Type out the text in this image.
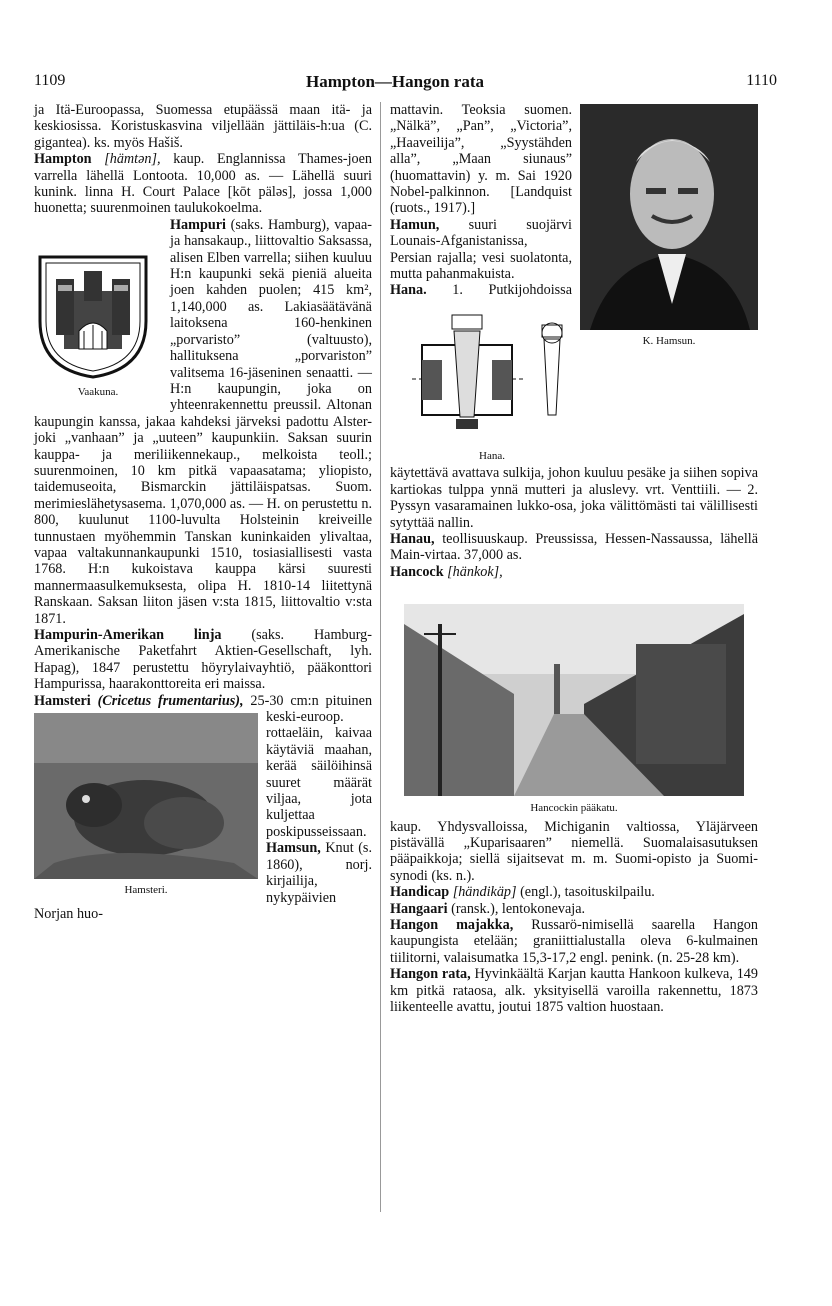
1109	Hampton—Hangon rata	1110

ja Itä-Euroopassa, Suomessa etupäässä maan itä- ja keskiosissa. Koristuskasvina viljellään jättiläis-h:ua (C. gigantea). ks. myös Hašiš.

Hampton [hämtən], kaup. Englannissa Thames-joen varrella lähellä Lontoota. 10,000 as. — Lähellä suuri kunink. linna H. Court Palace [kōt päləs], jossa 1,000 huonetta; suurenmoinen taulukokoelma.

Vaakuna.
Hampuri (saks. Hamburg), vapaa- ja hansakaup., liittovaltio Saksassa, alisen Elben varrella; siihen kuuluu H:n kaupunki sekä pieniä alueita joen kahden puolen; 415 km², 1,140,000 as. Lakiasäätävänä laitoksena 160-henkinen „porvaristo” (valtuusto), hallituksena „porvariston” valitsema 16-jäseninen senaatti. — H:n kaupungin, joka on yhteenrakennettu preussil. Altonan kaupungin kanssa, jakaa kahdeksi järveksi padottu Alster-joki „vanhaan” ja „uuteen” kaupunkiin. Saksan suurin kauppa- ja meriliikennekaup., melkoista teoll.; suurenmoinen, 10 km pitkä vapaasatama; yliopisto, taidemuseoita, Bismarckin jättiläispatsas. Suom. merimieslähetysasema. 1,070,000 as. — H. on perustettu n. 800, kuulunut 1100-luvulta Holsteinin kreiveille tunnustaen myöhemmin Tanskan kuninkaiden ylivaltaa, vapaa valtakunnankaupunki 1510, tosiasiallisesti vasta 1768. H:n kukoistava kauppa kärsi suuresti mannermaasulkemuksesta, olipa H. 1810-14 liitettynä Ranskaan. Saksan liiton jäsen v:sta 1815, liittovaltio v:sta 1871.

Hampurin-Amerikan linja (saks. Hamburg-Amerikanische Paketfahrt Aktien-Gesellschaft, lyh. Hapag), 1847 perustettu höyrylaivayhtiö, pääkonttori Hampurissa, haarakonttoreita eri maissa.

Hamsteri (Cricetus frumentarius),
Hamsteri.
25-30 cm:n pituinen keski-euroop. rottaeläin, kaivaa käytäviä maahan, kerää säilöihinsä suuret määrät viljaa, jota kuljettaa poskipusseissaan.

Hamsun, Knut (s. 1860), norj. kirjailija, nykypäivien Norjan huo-

K. Hamsun.
mattavin. Teoksia suomen. „Nälkä”, „Pan”, „Victoria”, „Haaveilija”, „Syystähden alla”, „Maan siunaus” (huomattavin) y. m. Sai 1920 Nobel-palkinnon. [Landquist (ruots., 1917).]

Hamun, suuri suojärvi Lounais-Afganistanissa, Persian rajalla; vesi suolatonta, mutta pahanmakuista.

Hana.
Hana.
1. Putkijohdoissa käytettävä avattava sulkija, johon kuuluu pesäke ja siihen sopiva kartiokas tulppa ynnä mutteri ja aluslevy. vrt. Venttiili. — 2. Pyssyn vasaramainen lukko-osa, joka välittömästi tai välillisesti sytyttää nallin.

Hanau, teollisuuskaup. Preussissa, Hessen-Nassaussa, lähellä Main-virtaa. 37,000 as.

Hancock [hänkok],
Hancockin pääkatu.
kaup. Yhdysvalloissa, Michiganin valtiossa, Yläjärveen pistävällä „Kuparisaaren” niemellä. Suomalaisasutuksen pääpaikkoja; siellä sijaitsevat m. m. Suomi-opisto ja Suomi-synodi (ks. n.).

Handicap [händikäp] (engl.), tasoituskilpailu.

Hangaari (ransk.), lentokonevaja.

Hangon majakka, Russarö-nimisellä saarella Hangon kaupungista etelään; graniittialustalla oleva 6-kulmainen tiilitorni, valaisumatka 15,3-17,2 engl. penink. (n. 25-28 km).

Hangon rata, Hyvinkäältä Karjan kautta Hankoon kulkeva, 149 km pitkä rataosa, alk. yksityisellä varoilla rakennettu, 1873 liikenteelle avattu, joutui 1875 valtion huostaan.
